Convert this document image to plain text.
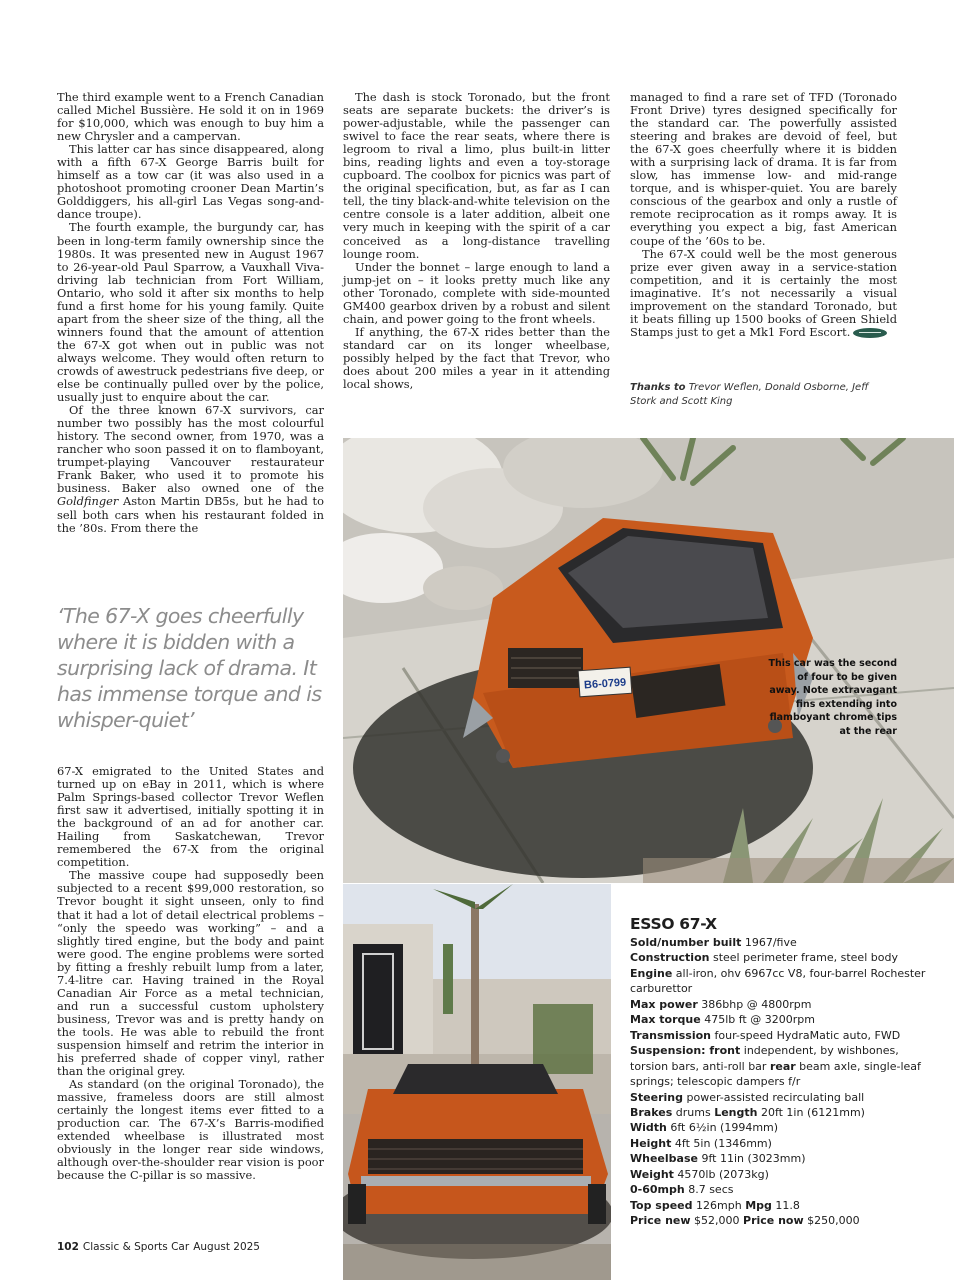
The third example went to a French Canadian called Michel Bussière. He sold it on in 1969 for $10,000, which was enough to buy him a new Chrysler and a campervan.

This latter car has since disappeared, along with a fifth 67-X George Barris built for himself as a tow car (it was also used in a photoshoot promoting crooner Dean Martin’s Golddiggers, his all-girl Las Vegas song-and-dance troupe).

The fourth example, the burgundy car, has been in long-term family ownership since the 1980s. It was presented new in August 1967 to 26-year-old Paul Sparrow, a Vauxhall Viva-driving lab technician from Fort William, Ontario, who sold it after six months to help fund a first home for his young family. Quite apart from the sheer size of the thing, all the winners found that the amount of attention the 67-X got when out in public was not always welcome. They would often return to crowds of awestruck pedestrians five deep, or else be continually pulled over by the police, usually just to enquire about the car.

Of the three known 67-X survivors, car number two possibly has the most colourful history. The second owner, from 1970, was a rancher who soon passed it on to flamboyant, trumpet-playing Vancouver restaurateur Frank Baker, who used it to promote his business. Baker also owned one of the Goldfinger Aston Martin DB5s, but he had to sell both cars when his restaurant folded in the ’80s. From there the

‘The 67-X goes cheerfully where it is bidden with a surprising lack of drama. It has immense torque and is whisper-quiet’

67-X emigrated to the United States and turned up on eBay in 2011, which is where Palm Springs-based collector Trevor Weflen first saw it advertised, initially spotting it in the background of an ad for another car. Hailing from Saskatchewan, Trevor remembered the 67-X from the original competition.

The massive coupe had supposedly been subjected to a recent $99,000 restoration, so Trevor bought it sight unseen, only to find that it had a lot of detail electrical problems – “only the speedo was working” – and a slightly tired engine, but the body and paint were good. The engine problems were sorted by fitting a freshly rebuilt lump from a later, 7.4-litre car. Having trained in the Royal Canadian Air Force as a metal technician, and run a successful custom upholstery business, Trevor was and is pretty handy on the tools. He was able to rebuild the front suspension himself and retrim the interior in his preferred shade of copper vinyl, rather than the original grey.

As standard (on the original Toronado), the massive, frameless doors are still almost certainly the longest items ever fitted to a production car. The 67-X’s Barris-modified extended wheelbase is illustrated most obviously in the longer rear side windows, although over-the-shoulder rear vision is poor because the C-pillar is so massive.

The dash is stock Toronado, but the front seats are separate buckets: the driver’s is power-adjustable, while the passenger can swivel to face the rear seats, where there is legroom to rival a limo, plus built-in litter bins, reading lights and even a toy-storage cupboard. The coolbox for picnics was part of the original specification, but, as far as I can tell, the tiny black-and-white television on the centre console is a later addition, albeit one very much in keeping with the spirit of a car conceived as a long-distance travelling lounge room.

Under the bonnet – large enough to land a jump-jet on – it looks pretty much like any other Toronado, complete with side-mounted GM400 gearbox driven by a robust and silent chain, and power going to the front wheels.

If anything, the 67-X rides better than the standard car on its longer wheelbase, possibly helped by the fact that Trevor, who does about 200 miles a year in it attending local shows,

managed to find a rare set of TFD (Toronado Front Drive) tyres designed specifically for the standard car. The powerfully assisted steering and brakes are devoid of feel, but the 67-X goes cheerfully where it is bidden with a surprising lack of drama. It is far from slow, has immense low- and mid-range torque, and is whisper-quiet. You are barely conscious of the gearbox and only a rustle of remote reciprocation as it romps away. It is everything you expect a big, fast American coupe of the ’60s to be.

The 67-X could well be the most generous prize ever given away in a service-station competition, and it is certainly the most imaginative. It’s not necessarily a visual improvement on the standard Toronado, but it beats filling up 1500 books of Green Shield Stamps just to get a Mk1 Ford Escort.

Thanks to Trevor Weflen, Donald Osborne, Jeff Stork and Scott King
B6-0799
This car was the second of four to be given away. Note extravagant fins extending into flamboyant chrome tips at the rear
ESSO 67-X
Sold/number built 1967/five
Construction steel perimeter frame, steel body
Engine all-iron, ohv 6967cc V8, four-barrel Rochester carburettor
Max power 386bhp @ 4800rpm
Max torque 475lb ft @ 3200rpm
Transmission four-speed HydraMatic auto, FWD
Suspension: front independent, by wishbones, torsion bars, anti-roll bar rear beam axle, single-leaf springs; telescopic dampers f/r
Steering power-assisted recirculating ball
Brakes drums Length 20ft 1in (6121mm)
Width 6ft 6½in (1994mm)
Height 4ft 5in (1346mm)
Wheelbase 9ft 11in (3023mm)
Weight 4570lb (2073kg)
0-60mph 8.7 secs
Top speed 126mph Mpg 11.8
Price new $52,000 Price now $250,000
102 Classic & Sports Car August 2025
